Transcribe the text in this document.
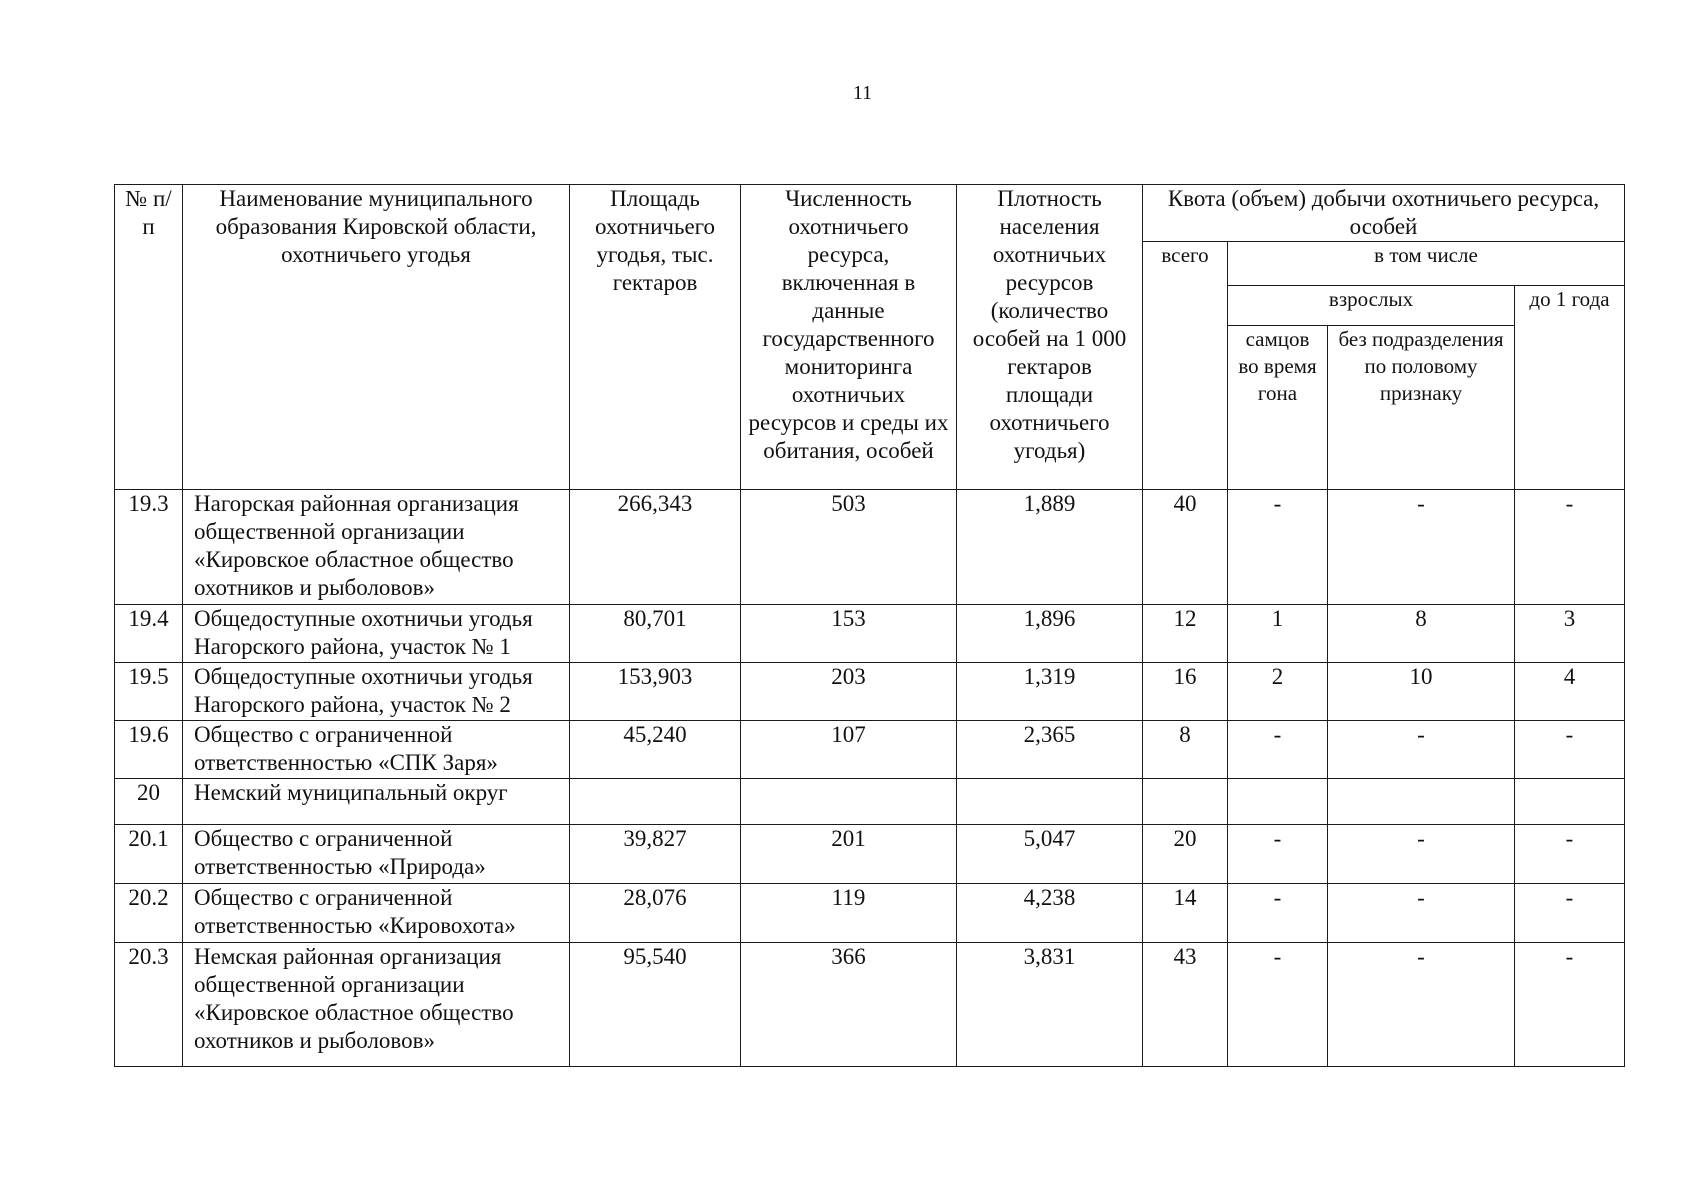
11
№ п/п	Наименование муниципального образования Кировской области, охотничьего угодья	Площадь охотничьего угодья, тыс. гектаров	Численность охотничьего ресурса, включенная в данные государственного мониторинга охотничьих ресурсов и среды их обитания, особей	Плотность населения охотничьих ресурсов (количество особей на 1 000 гектаров площади охотничьего угодья)	Квота (объем) добычи охотничьего ресурса, особей			
					всего	в том числе		
						взрослых		до 1 года
						самцов во время гона	без подразделения по половому признаку	
19.3	Нагорская районная организация общественной организации «Кировское областное общество охотников и рыболовов»	266,343	503	1,889	40	-	-	-
19.4	Общедоступные охотничьи угодья Нагорского района, участок № 1	80,701	153	1,896	12	1	8	3
19.5	Общедоступные охотничьи угодья Нагорского района, участок № 2	153,903	203	1,319	16	2	10	4
19.6	Общество с ограниченной ответственностью «СПК Заря»	45,240	107	2,365	8	-	-	-
20	Немский муниципальный округ							
20.1	Общество с ограниченной ответственностью «Природа»	39,827	201	5,047	20	-	-	-
20.2	Общество с ограниченной ответственностью «Кировохота»	28,076	119	4,238	14	-	-	-
20.3	Немская районная организация общественной организации «Кировское областное общество охотников и рыболовов»	95,540	366	3,831	43	-	-	-
